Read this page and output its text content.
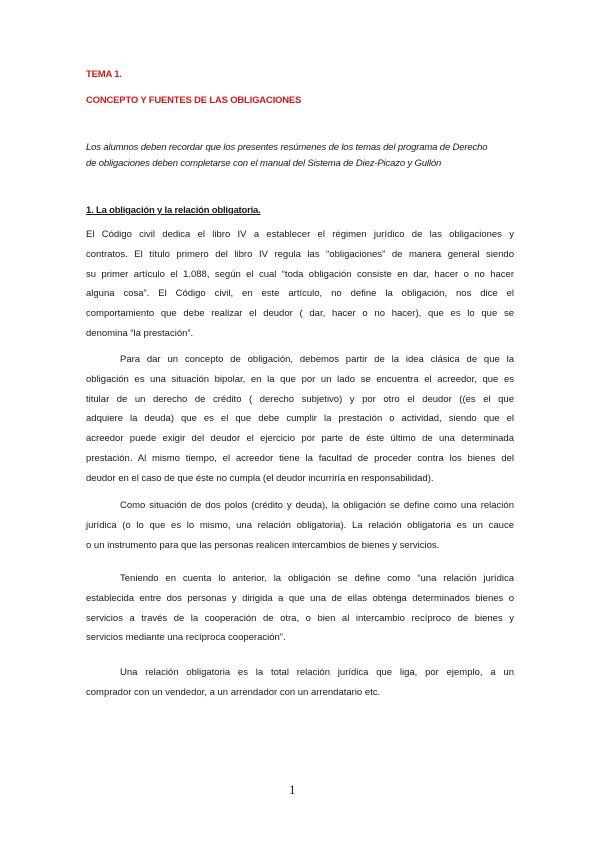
TEMA 1.
CONCEPTO Y FUENTES DE LAS OBLIGACIONES
Los alumnos deben recordar que los presentes resúmenes de los temas del programa de Derecho
de obligaciones deben completarse con el manual del Sistema de Diez-Picazo y Gullón
1. La obligación y la relación obligatoria.
El Código civil dedica el libro IV a establecer el régimen jurídico de las obligaciones y
contratos. El título primero del libro IV regula las “obligaciones” de manera general siendo
su primer artículo el 1.088, según el cual “toda obligación consiste en dar, hacer o no hacer
alguna cosa”. El Código civil, en este artículo, no define la obligación, nos dice el
comportamiento que debe realizar el deudor ( dar, hacer o no hacer), que es lo que se
denomina “la prestación”.
Para dar un concepto de obligación, debemos partir de la idea clásica de que la
obligación es una situación bipolar, en la que por un lado se encuentra el acreedor, que es
titular de un derecho de crédito ( derecho subjetivo) y por otro el deudor ((es el que
adquiere la deuda) que es el que debe cumplir la prestación o actividad, siendo que el
acreedor puede exigir del deudor el ejercicio por parte de éste último de una determinada
prestación. Al mismo tiempo, el acreedor tiene la facultad de proceder contra los bienes del
deudor en el caso de que éste no cumpla (el deudor incurriría en responsabilidad).
Como situación de dos polos (crédito y deuda), la obligación se define como una relación
jurídica (o lo que es lo mismo, una relación obligatoria). La relación obligatoria es un cauce
o un instrumento para que las personas realicen intercambios de bienes y servicios.
Teniendo en cuenta lo anterior, la obligación se define como “una relación jurídica
establecida entre dos personas y dirigida a que una de ellas obtenga determinados bienes o
servicios a través de la cooperación de otra, o bien al intercambio recíproco de bienes y
servicios mediante una recíproca cooperación”.
Una relación obligatoria es la total relación jurídica que liga, por ejemplo, a un
comprador con un vendedor, a un arrendador con un arrendatario etc.
1
